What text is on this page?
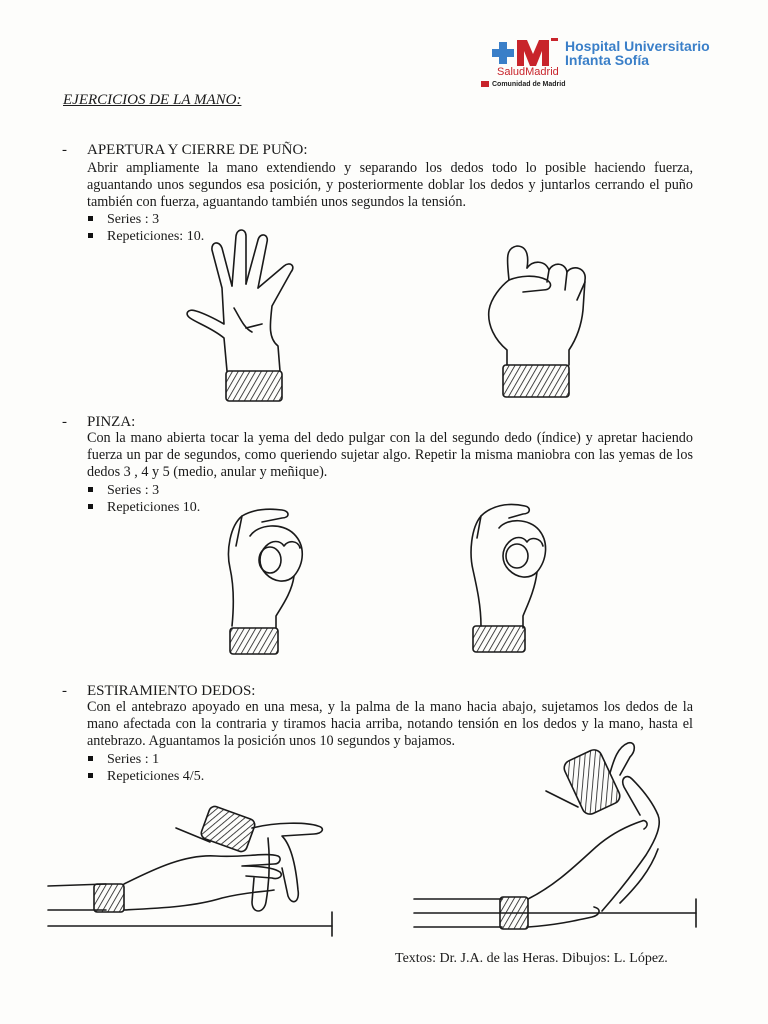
Hospital Universitario
Infanta Sofía
SaludMadrid
Comunidad de Madrid
EJERCICIOS DE LA MANO:
- APERTURA Y CIERRE DE PUÑO:
Abrir ampliamente la mano extendiendo y separando los dedos todo lo posible haciendo fuerza, aguantando unos segundos esa posición, y posteriormente doblar los dedos y juntarlos cerrando el puño también con fuerza, aguantando también unos segundos la tensión.
Series : 3
Repeticiones: 10.
- PINZA:
Con la mano abierta tocar la yema del dedo pulgar con la del segundo dedo (índice) y apretar haciendo fuerza un par de segundos, como queriendo sujetar algo. Repetir la misma maniobra con las yemas de los dedos 3 , 4 y 5 (medio, anular y meñique).
Series : 3
Repeticiones 10.
- ESTIRAMIENTO DEDOS:
Con el antebrazo apoyado en una mesa, y la palma de la mano hacia abajo, sujetamos los dedos de la mano afectada con la contraria y tiramos hacia arriba, notando tensión en los dedos y la mano, hasta el antebrazo. Aguantamos la posición unos 10 segundos y bajamos.
Series : 1
Repeticiones 4/5.
Textos: Dr. J.A. de las Heras. Dibujos: L. López.
